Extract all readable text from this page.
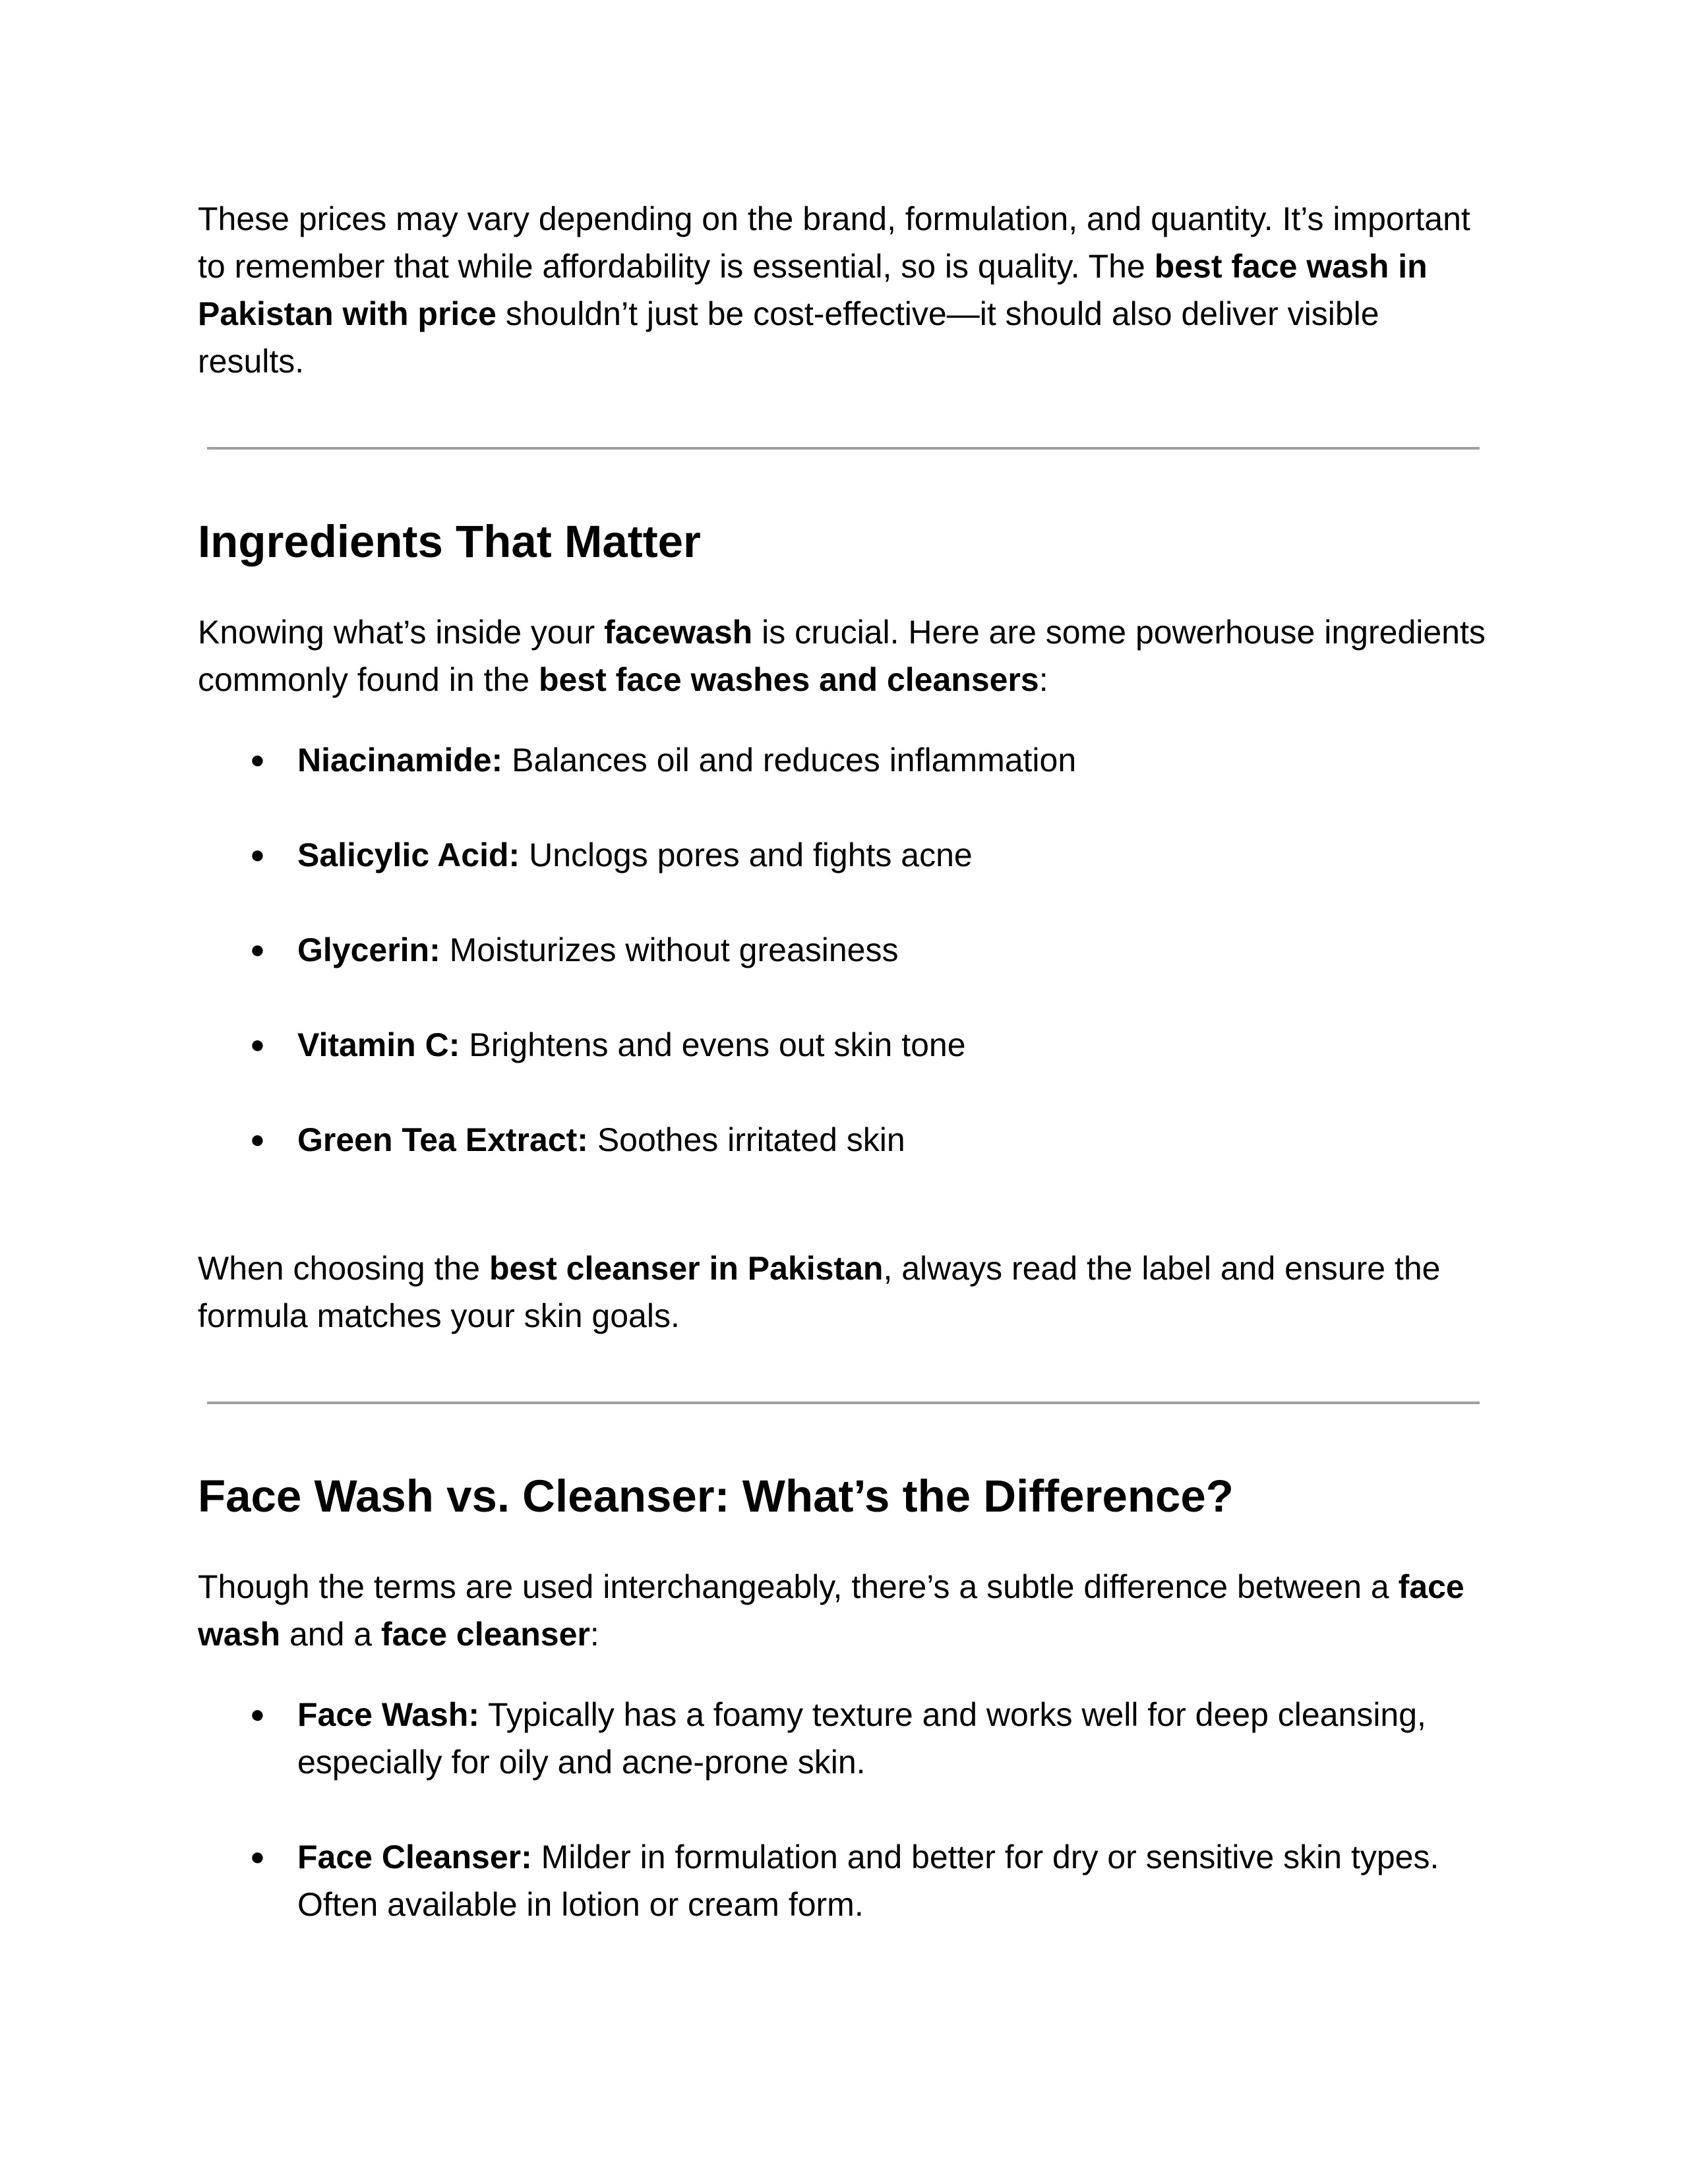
These prices may vary depending on the brand, formulation, and quantity. It’s important to remember that while affordability is essential, so is quality. The best face wash in Pakistan with price shouldn’t just be cost-effective—it should also deliver visible results.

Ingredients That Matter

Knowing what’s inside your facewash is crucial. Here are some powerhouse ingredients commonly found in the best face washes and cleansers:

● Niacinamide: Balances oil and reduces inflammation
● Salicylic Acid: Unclogs pores and fights acne
● Glycerin: Moisturizes without greasiness
● Vitamin C: Brightens and evens out skin tone
● Green Tea Extract: Soothes irritated skin

When choosing the best cleanser in Pakistan, always read the label and ensure the formula matches your skin goals.

Face Wash vs. Cleanser: What’s the Difference?

Though the terms are used interchangeably, there’s a subtle difference between a face wash and a face cleanser:

● Face Wash: Typically has a foamy texture and works well for deep cleansing, especially for oily and acne-prone skin.
● Face Cleanser: Milder in formulation and better for dry or sensitive skin types. Often available in lotion or cream form.
